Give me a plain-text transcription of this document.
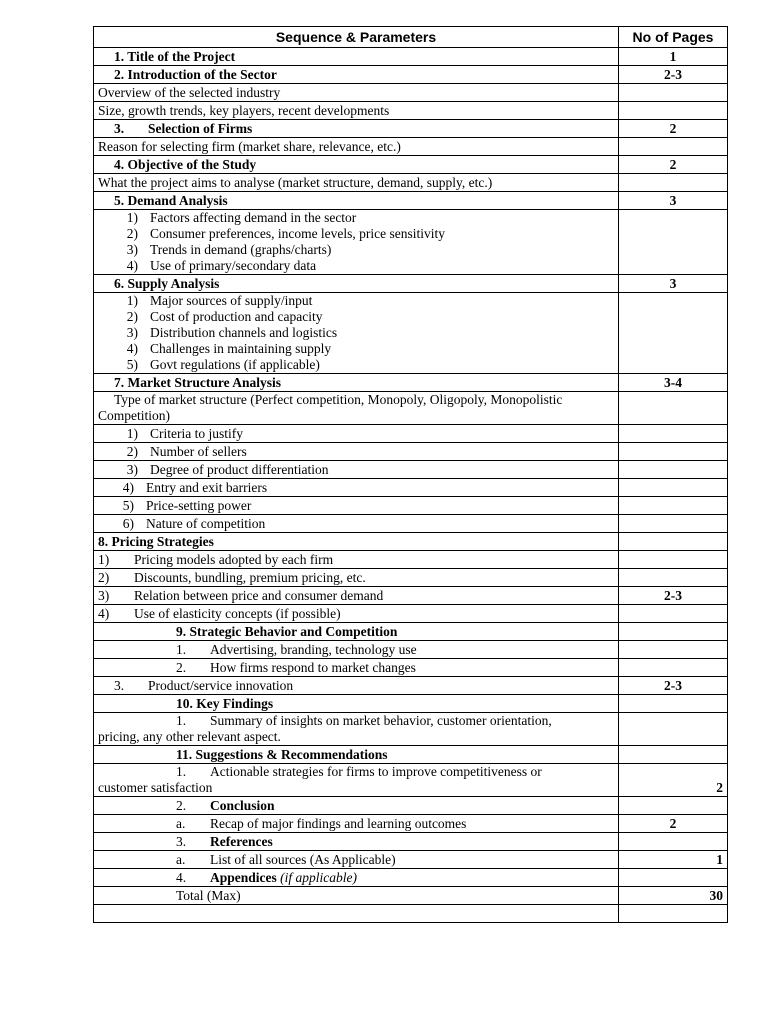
Sequence & Parameters	No of Pages
1. Title of the Project	1
2. Introduction of the Sector	2-3
Overview of the selected industry	
Size, growth trends, key players, recent developments	
3. Selection of Firms	2
Reason for selecting firm (market share, relevance, etc.)	
4. Objective of the Study	2
What the project aims to analyse (market structure, demand, supply, etc.)	
5. Demand Analysis	3

1) Factors affecting demand in the sector
2) Consumer preferences, income levels, price sensitivity
3) Trends in demand (graphs/charts)
4) Use of primary/secondary data	

6. Supply Analysis	3

1) Major sources of supply/input
2) Cost of production and capacity
3) Distribution channels and logistics
4) Challenges in maintaining supply
5) Govt regulations (if applicable)	

7. Market Structure Analysis	3-4
Type of market structure (Perfect competition, Monopoly, Oligopoly, Monopolistic Competition)	
1) Criteria to justify	
2) Number of sellers	
3) Degree of product differentiation	
4) Entry and exit barriers	
5) Price-setting power	
6) Nature of competition	
8. Pricing Strategies	
1) Pricing models adopted by each firm	
2) Discounts, bundling, premium pricing, etc.	
3) Relation between price and consumer demand	2-3
4) Use of elasticity concepts (if possible)	
9. Strategic Behavior and Competition	
1. Advertising, branding, technology use	
2. How firms respond to market changes	
3. Product/service innovation	2-3
10. Key Findings	

1. Summary of insights on market behavior, customer orientation,
pricing, any other relevant aspect.	

11. Suggestions & Recommendations	

1. Actionable strategies for firms to improve competitiveness or
customer satisfaction	2
2. Conclusion	
a. Recap of major findings and learning outcomes	2
3. References	
a. List of all sources (As Applicable)	1
4. Appendices (if applicable)	
Total (Max)	30
